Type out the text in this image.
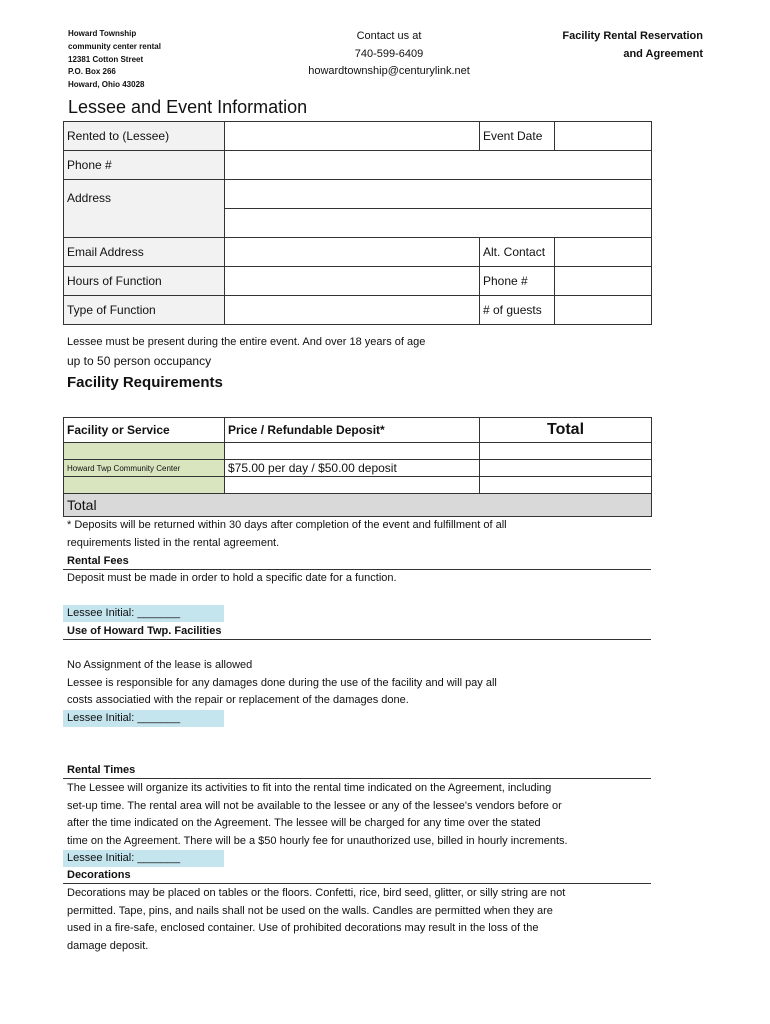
Howard Township
community center rental
12381 Cotton Street
P.O. Box 266
Howard, Ohio 43028
Contact us at
740-599-6409
howardtownship@centurylink.net
Facility Rental Reservation
and Agreement
Lessee and Event Information
Rented to (Lessee)		Event Date	
Phone #			
Address			

Email Address		Alt. Contact	
Hours of Function		Phone #	
Type of Function		# of guests	
Lessee must be present during the entire event. And over 18 years of age
up to 50 person occupancy
Facility Requirements
Facility or Service	Price / Refundable Deposit*	Total

Howard Twp Community Center	$75.00 per day / $50.00 deposit	

Total		
* Deposits will be returned within 30 days after completion of the event and fulfillment of all
requirements listed in the rental agreement.
Rental Fees
Deposit must be made in order to hold a specific date for a function.
Lessee Initial: _______
Use of Howard Twp. Facilities
No Assignment of the lease is allowed
Lessee is responsible for any damages done during the use of the facility and will pay all
costs associatied with the repair or replacement of the damages done.
Lessee Initial: _______
Rental Times
The Lessee will organize its activities to fit into the rental time indicated on the Agreement, including
set-up time. The rental area will not be available to the lessee or any of the lessee's vendors before or
after the time indicated on the Agreement. The lessee will be charged for any time over the stated
time on the Agreement. There will be a $50 hourly fee for unauthorized use, billed in hourly increments.
Lessee Initial: _______
Decorations
Decorations may be placed on tables or the floors. Confetti, rice, bird seed, glitter, or silly string are not
permitted. Tape, pins, and nails shall not be used on the walls. Candles are permitted when they are
used in a fire-safe, enclosed container. Use of prohibited decorations may result in the loss of the
damage deposit.
